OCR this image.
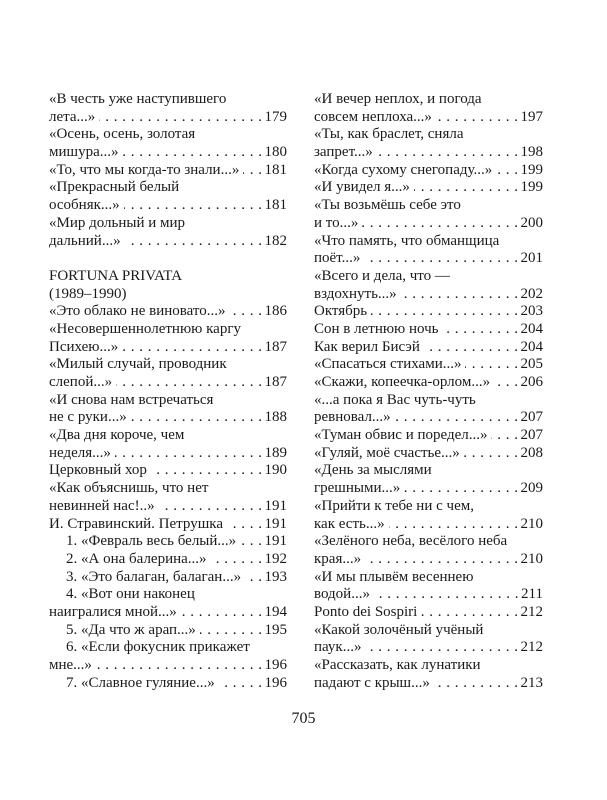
«В честь уже наступившего
лета...» . . .	179
«Осень, осень, золотая
мишура...» . . .	180
«То, что мы когда-то знали...» . . . 181
«Прекрасный белый
особняк...» . . .	181
«Мир дольный и мир
дальний...» . . .	182
FORTUNA PRIVATA
(1989–1990)
«Это облако не виновато...» . . .	186
«Несовершеннолетнюю каргу
Психею...» . . .	187
«Милый случай, проводник
слепой...» . . .	187
«И снова нам встречаться
не с руки...» . . .	188
«Два дня короче, чем
неделя...» . . .	189
Церковный хор . . .	190
«Как объяснишь, что нет
невинней нас!..» . . .	191
И. Стравинский. Петрушка . . .	191
1. «Февраль весь белый...» . . . 191
2. «А она балерина...» . . .	192
3. «Это балаган, балаган...» . . . 193
4. «Вот они наконец
наигралися мной...» . . .	194
5. «Да что ж арап...» . . .	195
6. «Если фокусник прикажет
мне...» . . .	196
7. «Славное гуляние...» . . .	196
«И вечер неплох, и погода
совсем неплоха...» . . .	197
«Ты, как браслет, сняла
запрет...» . . .	198
«Когда сухому снегопаду...» . . . 199
«И увидел я...» . . .	199
«Ты возьмёшь себе это
и то...» . . .	200
«Что память, что обманщица
поёт...» . . .	201
«Всего и дела, что —
вздохнуть...» . . .	202
Октябрь . . .	203
Сон в летнюю ночь . . .	204
Как верил Бисэй . . .	204
«Спасаться стихами...» . . .	205
«Скажи, копеечка-орлом...» . . . 206
«...а пока я Вас чуть-чуть
ревновал...» . . .	207
«Туман обвис и поредел...» . . . 207
«Гуляй, моё счастье...» . . .	208
«День за мыслями
грешными...» . . .	209
«Прийти к тебе ни с чем,
как есть...» . . .	210
«Зелёного неба, весёлого неба
края...» . . .	210
«И мы плывём весеннею
водой...» . . .	211
Ponto dei Sospiri . . .	212
«Какой золочёный учёный
паук...» . . .	212
«Рассказать, как лунатики
падают с крыш...» . . .	213
705
